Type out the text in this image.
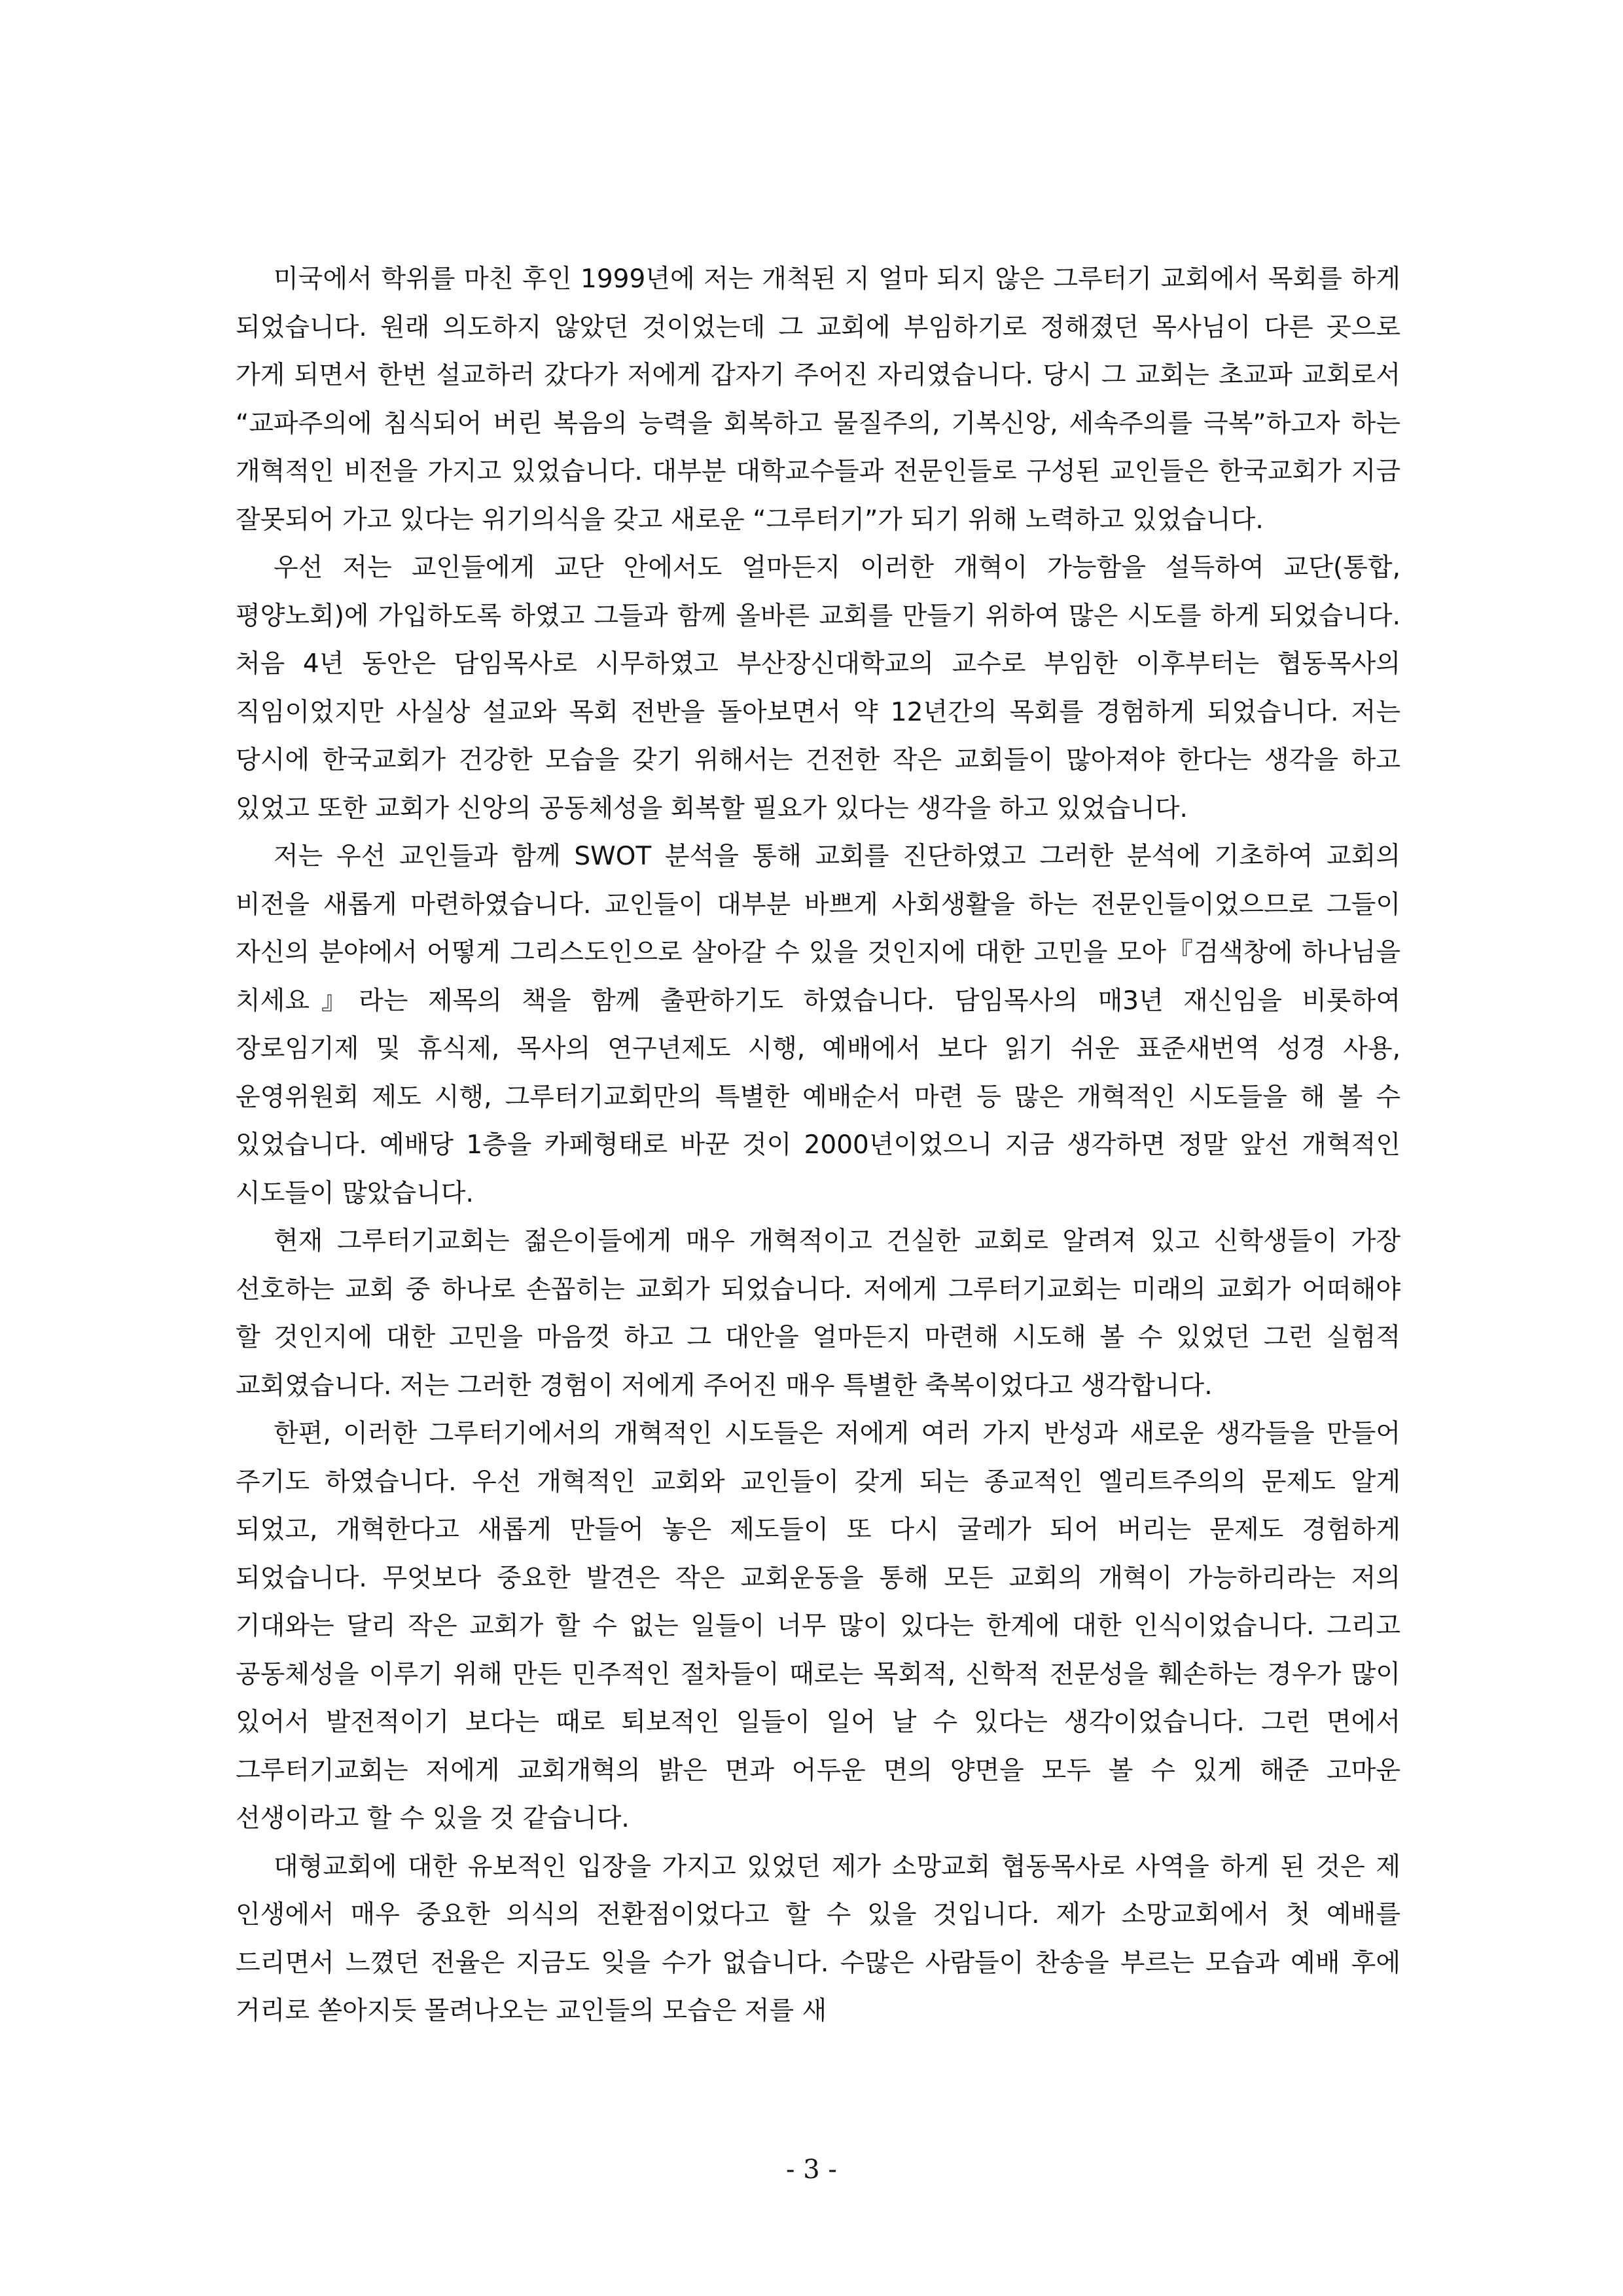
미국에서 학위를 마친 후인 1999년에 저는 개척된 지 얼마 되지 않은 그루터기 교회에서 목회를 하게 되었습니다. 원래 의도하지 않았던 것이었는데 그 교회에 부임하기로 정해졌던 목사님이 다른 곳으로 가게 되면서 한번 설교하러 갔다가 저에게 갑자기 주어진 자리였습니다. 당시 그 교회는 초교파 교회로서 “교파주의에 침식되어 버린 복음의 능력을 회복하고 물질주의, 기복신앙, 세속주의를 극복”하고자 하는 개혁적인 비전을 가지고 있었습니다. 대부분 대학교수들과 전문인들로 구성된 교인들은 한국교회가 지금 잘못되어 가고 있다는 위기의식을 갖고 새로운 “그루터기”가 되기 위해 노력하고 있었습니다.

우선 저는 교인들에게 교단 안에서도 얼마든지 이러한 개혁이 가능함을 설득하여 교단(통합, 평양노회)에 가입하도록 하였고 그들과 함께 올바른 교회를 만들기 위하여 많은 시도를 하게 되었습니다. 처음 4년 동안은 담임목사로 시무하였고 부산장신대학교의 교수로 부임한 이후부터는 협동목사의 직임이었지만 사실상 설교와 목회 전반을 돌아보면서 약 12년간의 목회를 경험하게 되었습니다. 저는 당시에 한국교회가 건강한 모습을 갖기 위해서는 건전한 작은 교회들이 많아져야 한다는 생각을 하고 있었고 또한 교회가 신앙의 공동체성을 회복할 필요가 있다는 생각을 하고 있었습니다.

저는 우선 교인들과 함께 SWOT 분석을 통해 교회를 진단하였고 그러한 분석에 기초하여 교회의 비전을 새롭게 마련하였습니다. 교인들이 대부분 바쁘게 사회생활을 하는 전문인들이었으므로 그들이 자신의 분야에서 어떻게 그리스도인으로 살아갈 수 있을 것인지에 대한 고민을 모아『검색창에 하나님을 치세요』라는 제목의 책을 함께 출판하기도 하였습니다. 담임목사의 매3년 재신임을 비롯하여 장로임기제 및 휴식제, 목사의 연구년제도 시행, 예배에서 보다 읽기 쉬운 표준새번역 성경 사용, 운영위원회 제도 시행, 그루터기교회만의 특별한 예배순서 마련 등 많은 개혁적인 시도들을 해 볼 수 있었습니다. 예배당 1층을 카페형태로 바꾼 것이 2000년이었으니 지금 생각하면 정말 앞선 개혁적인 시도들이 많았습니다.

현재 그루터기교회는 젊은이들에게 매우 개혁적이고 건실한 교회로 알려져 있고 신학생들이 가장 선호하는 교회 중 하나로 손꼽히는 교회가 되었습니다. 저에게 그루터기교회는 미래의 교회가 어떠해야 할 것인지에 대한 고민을 마음껏 하고 그 대안을 얼마든지 마련해 시도해 볼 수 있었던 그런 실험적 교회였습니다. 저는 그러한 경험이 저에게 주어진 매우 특별한 축복이었다고 생각합니다.

한편, 이러한 그루터기에서의 개혁적인 시도들은 저에게 여러 가지 반성과 새로운 생각들을 만들어 주기도 하였습니다. 우선 개혁적인 교회와 교인들이 갖게 되는 종교적인 엘리트주의의 문제도 알게 되었고, 개혁한다고 새롭게 만들어 놓은 제도들이 또 다시 굴레가 되어 버리는 문제도 경험하게 되었습니다. 무엇보다 중요한 발견은 작은 교회운동을 통해 모든 교회의 개혁이 가능하리라는 저의 기대와는 달리 작은 교회가 할 수 없는 일들이 너무 많이 있다는 한계에 대한 인식이었습니다. 그리고 공동체성을 이루기 위해 만든 민주적인 절차들이 때로는 목회적, 신학적 전문성을 훼손하는 경우가 많이 있어서 발전적이기 보다는 때로 퇴보적인 일들이 일어 날 수 있다는 생각이었습니다. 그런 면에서 그루터기교회는 저에게 교회개혁의 밝은 면과 어두운 면의 양면을 모두 볼 수 있게 해준 고마운 선생이라고 할 수 있을 것 같습니다.

대형교회에 대한 유보적인 입장을 가지고 있었던 제가 소망교회 협동목사로 사역을 하게 된 것은 제 인생에서 매우 중요한 의식의 전환점이었다고 할 수 있을 것입니다. 제가 소망교회에서 첫 예배를 드리면서 느꼈던 전율은 지금도 잊을 수가 없습니다. 수많은 사람들이 찬송을 부르는 모습과 예배 후에 거리로 쏟아지듯 몰려나오는 교인들의 모습은 저를 새

- 3 -
